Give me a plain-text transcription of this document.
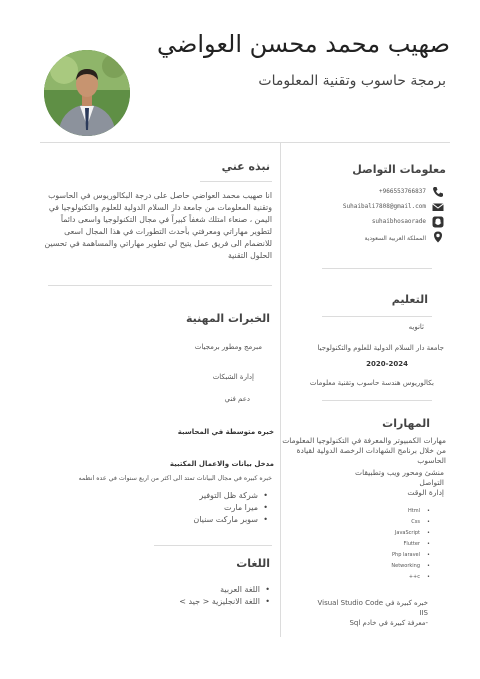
صهيب محمد محسن العواضي
برمجة حاسوب وتقنية المعلومات
معلومات التواصل
+966553766837
Suhaibali7808@gmail.com
suhaibhosaorade
المملكة العربية السعودية
التعليم
ثانويه
جامعة دار السلام الدولية للعلوم والتكنولوجيا
2020-2024
بكالوريوس هندسة حاسوب وتقنية معلومات
المهارات
مهارات الكمبيوتر والمعرفة في التكنولوجيا المعلومات من خلال برنامج الشهادات الرخصة الدولية لقيادة الحاسوب
منشئ ومحور ويب وتطبيقات
التواصل
إدارة الوقت
• Html
• Css
• JavaScript
• Flutter
• Php laravel
• Networking
• c++
خبره كبيرة في Visual Studio Code
IIS
-معرفة كبيرة في خادم Sql
نبذه عني
انا صهيب محمد العواضي حاصل على درجة البكالوريوس في الحاسوب وتقنية المعلومات من جامعة دار السلام الدولية للعلوم والتكنولوجيا في اليمن ، صنعاء امتلك شغفاً كبيراً في مجال التكنولوجيا واسعى دائماً لتطوير مهاراتي ومعرفتي بأحدث التطورات في هذا المجال اسعى للانضمام الى فريق عمل يتيح لي تطوير مهاراتي والمساهمة في تحسين الحلول التقنية
الخبرات المهنية
مبرمج ومطور برمجيات
إدارة الشبكات
دعم فني
خبره متوسطة في المحاسبة
مدخل بيانات والاعمال المكتبية
خبره كبيره في مجال البيانات تمتد الى اكثر من اربع سنوات في عده انظمه
• شركة ظل التوفير
• ميرا مارت
• سوبر ماركت سنيان
اللغات
• اللغة العربية
• اللغة الانجليزية < جيد >
